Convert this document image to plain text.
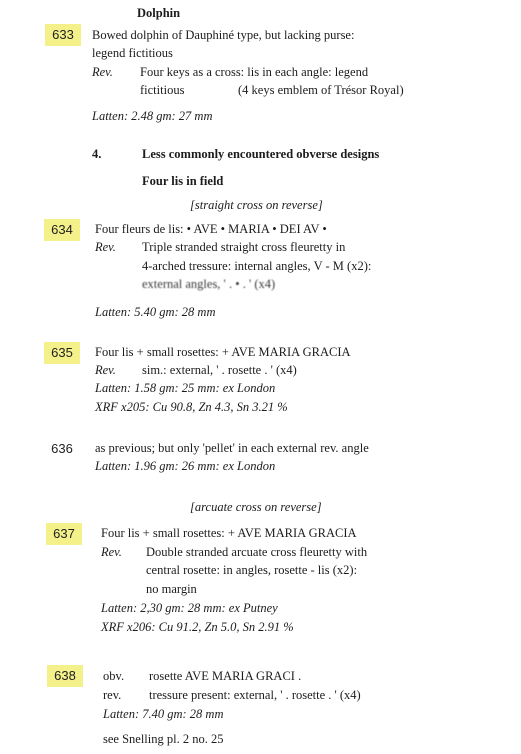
Dolphin
633	Bowed dolphin of Dauphiné type, but lacking purse:
legend fictitious
Rev. Four keys as a cross: lis in each angle: legend
fictitious	(4 keys emblem of Trésor Royal)
Latten: 2.48 gm: 27 mm
4.	Less commonly encountered obverse designs
Four lis in field
[straight cross on reverse]
634	Four fleurs de lis: • AVE • MARIA • DEI AV •
Rev. Triple stranded straight cross fleuretty in
4-arched tressure: internal angles, V - M (x2):
external angles, ' . • . ' (x4)
Latten: 5.40 gm: 28 mm
635	Four lis + small rosettes: + AVE MARIA GRACIA
Rev. sim.: external, ' . rosette . ' (x4)
Latten: 1.58 gm: 25 mm: ex London
XRF x205: Cu 90.8, Zn 4.3, Sn 3.21 %
636	as previous; but only 'pellet' in each external rev. angle
Latten: 1.96 gm: 26 mm: ex London
[arcuate cross on reverse]
637	Four lis + small rosettes: + AVE MARIA GRACIA
Rev. Double stranded arcuate cross fleuretty with
central rosette: in angles, rosette - lis (x2):
no margin
Latten: 2,30 gm: 28 mm: ex Putney
XRF x206: Cu 91.2, Zn 5.0, Sn 2.91 %
638	obv. rosette AVE MARIA GRACI .
rev. tressure present: external, ' . rosette . ' (x4)
Latten: 7.40 gm: 28 mm
see Snelling pl. 2 no. 25
